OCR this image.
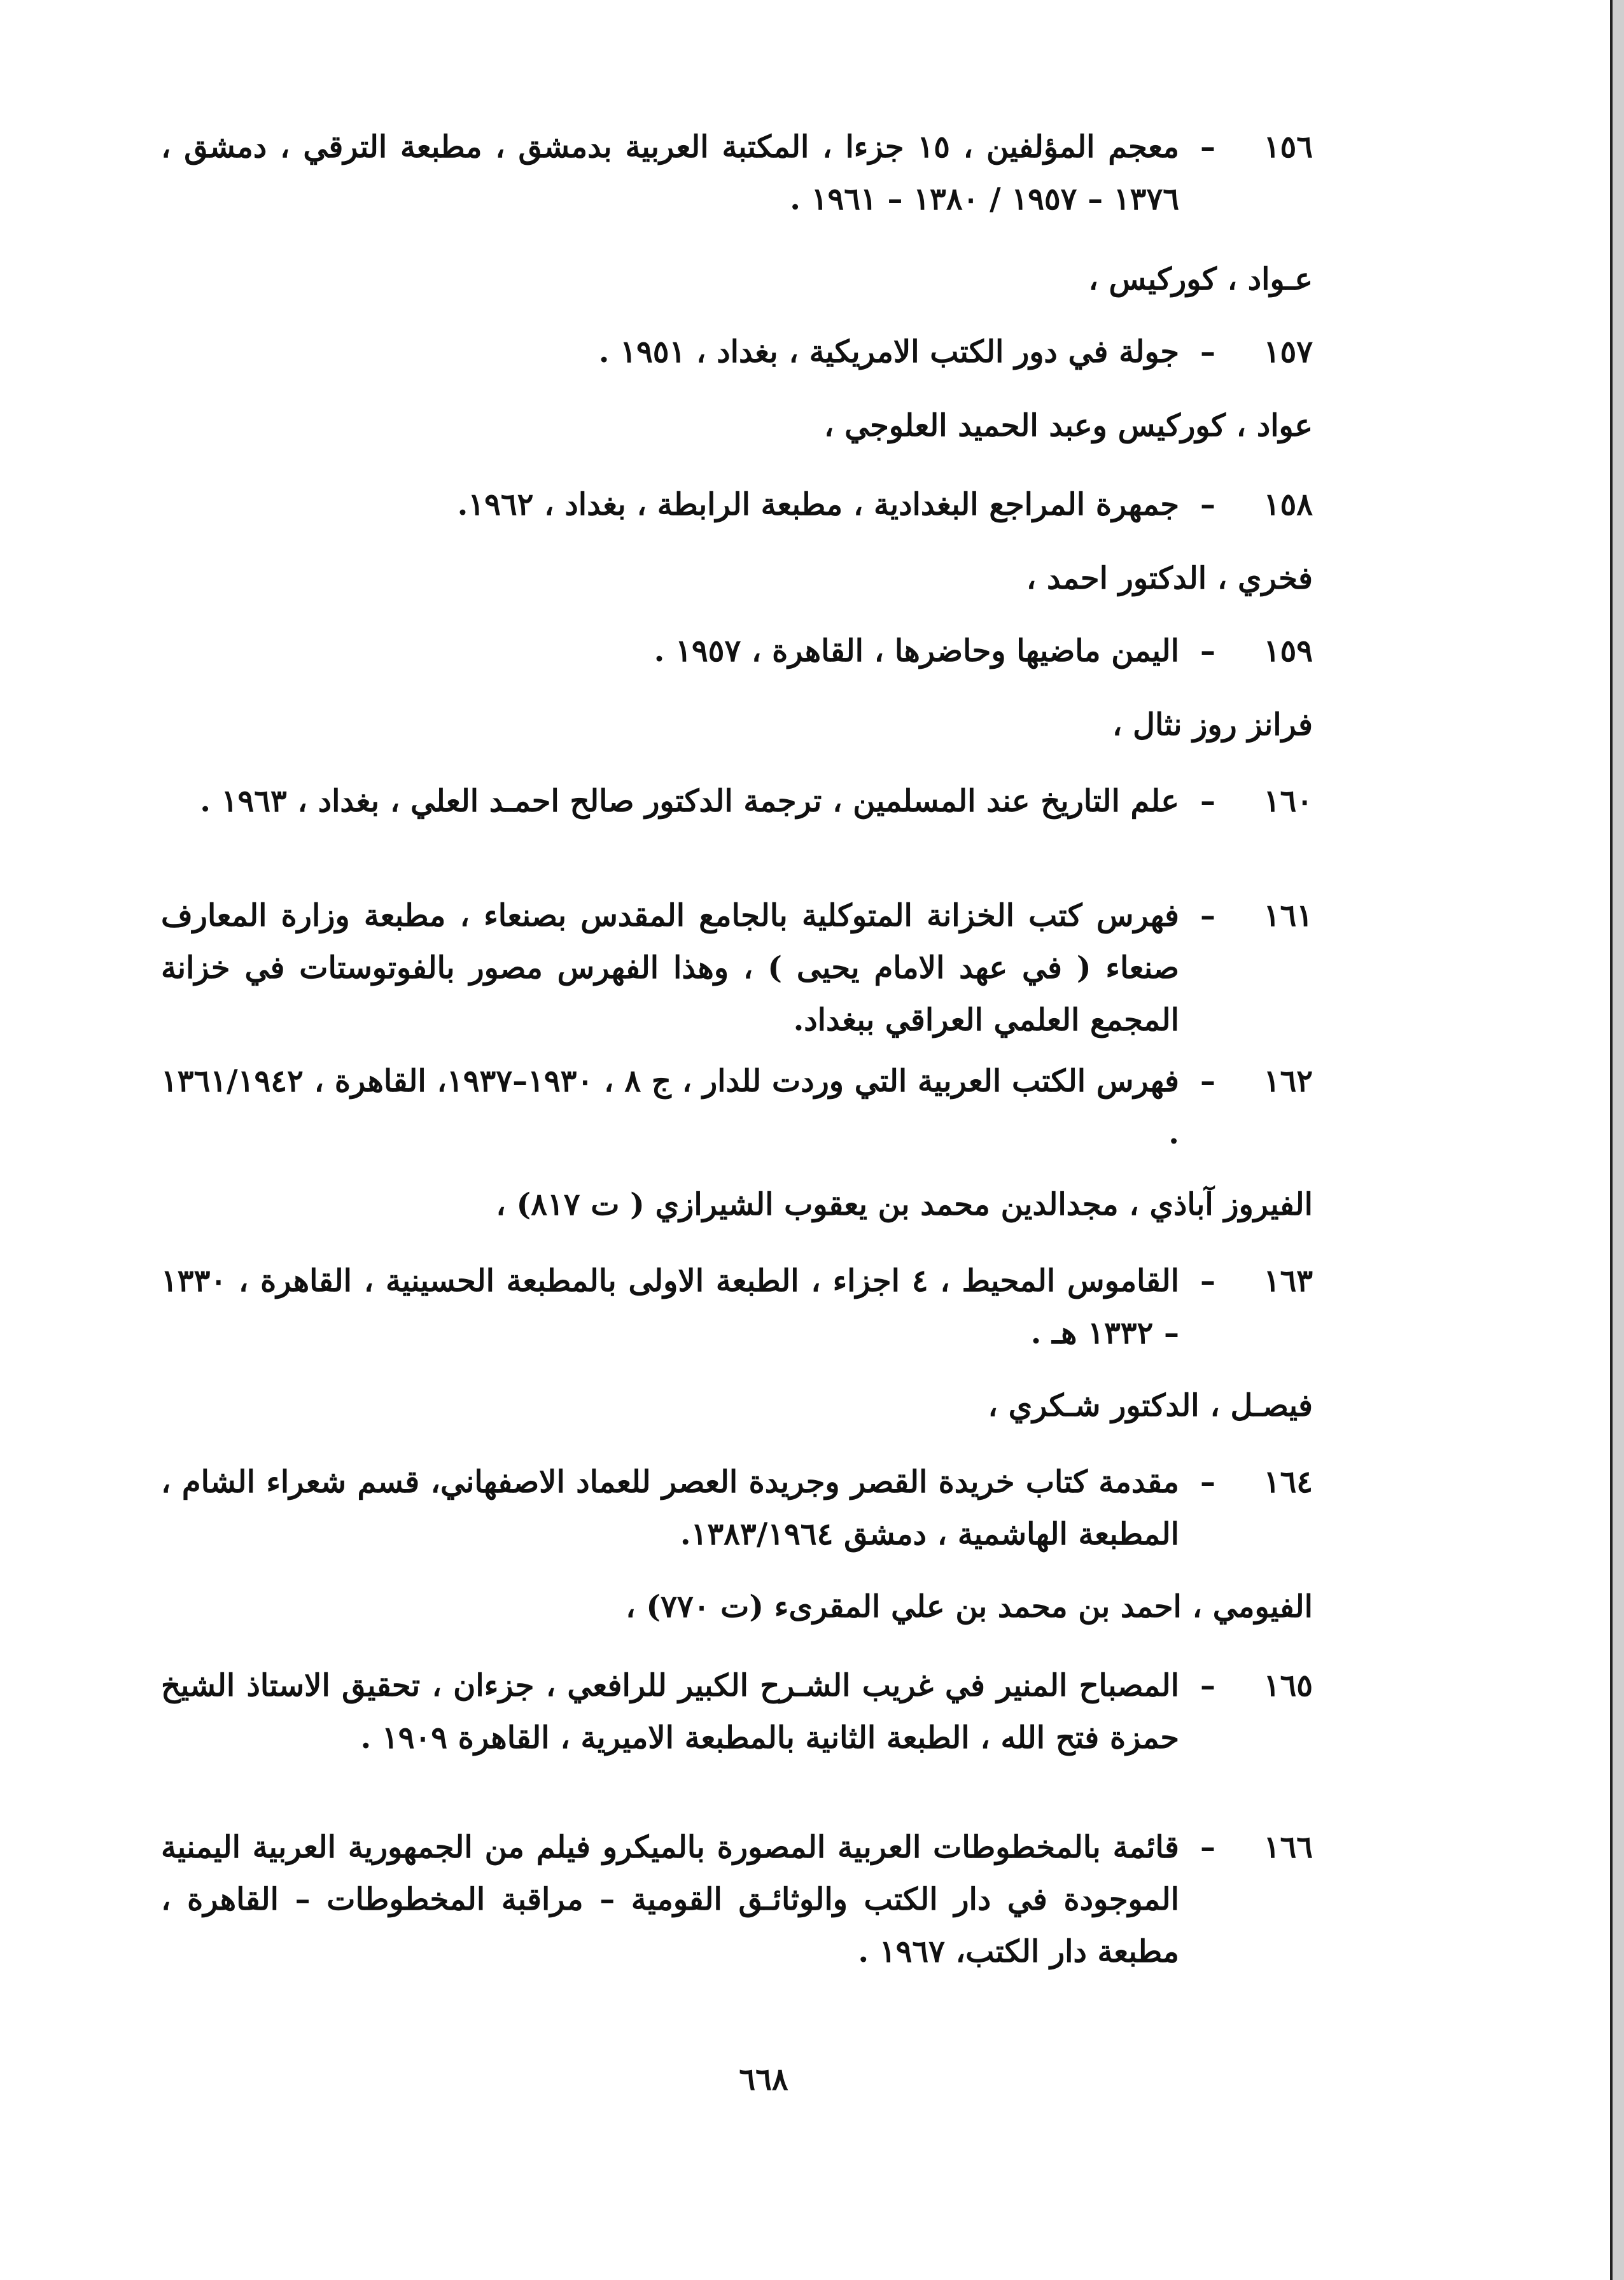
١٥٦
–
معجم المؤلفين ، ١٥ جزءا ، المكتبة العربية بدمشق ، مطبعة الترقي ، دمشق ، ١٣٧٦ – ١٩٥٧ / ١٣٨٠ – ١٩٦١ .
عـواد ، كوركيس ،
١٥٧
–
جولة في دور الكتب الامريكية ، بغداد ، ١٩٥١ .
عواد ، كوركيس وعبد الحميد العلوجي ،
١٥٨
–
جمهرة المراجع البغدادية ، مطبعة الرابطة ، بغداد ، ١٩٦٢.
فخري ، الدكتور احمد ،
١٥٩
–
اليمن ماضيها وحاضرها ، القاهرة ، ١٩٥٧ .
فرانز روز نثال ،
١٦٠
–
علم التاريخ عند المسلمين ، ترجمة الدكتور صالح احمـد العلي ، بغداد ، ١٩٦٣ .
١٦١
–
فهرس كتب الخزانة المتوكلية بالجامع المقدس بصنعاء ، مطبعة وزارة المعارف صنعاء ( في عهد الامام يحيى ) ، وهذا الفهرس مصور بالفوتوستات في خزانة المجمع العلمي العراقي ببغداد.
١٦٢
–
فهرس الكتب العربية التي وردت للدار ، ج ٨ ، ١٩٣٠–١٩٣٧، القاهرة ، ١٣٦١/١٩٤٢ .
الفيروز آباذي ، مجدالدين محمد بن يعقوب الشيرازي ( ت ٨١٧) ،
١٦٣
–
القاموس المحيط ، ٤ اجزاء ، الطبعة الاولى بالمطبعة الحسينية ، القاهرة ، ١٣٣٠ – ١٣٣٢ هـ .
فيصـل ، الدكتور شـكري ،
١٦٤
–
مقدمة كتاب خريدة القصر وجريدة العصر للعماد الاصفهاني، قسم شعراء الشام ، المطبعة الهاشمية ، دمشق ١٣٨٣/١٩٦٤.
الفيومي ، احمد بن محمد بن علي المقرىء (ت ٧٧٠) ،
١٦٥
–
المصباح المنير في غريب الشـرح الكبير للرافعي ، جزءان ، تحقيق الاستاذ الشيخ حمزة فتح الله ، الطبعة الثانية بالمطبعة الاميرية ، القاهرة ١٩٠٩ .
١٦٦
–
قائمة بالمخطوطات العربية المصورة بالميكرو فيلم من الجمهورية العربية اليمنية الموجودة في دار الكتب والوثائـق القومية – مراقبة المخطوطات – القاهرة ، مطبعة دار الكتب، ١٩٦٧ .
٦٦٨
